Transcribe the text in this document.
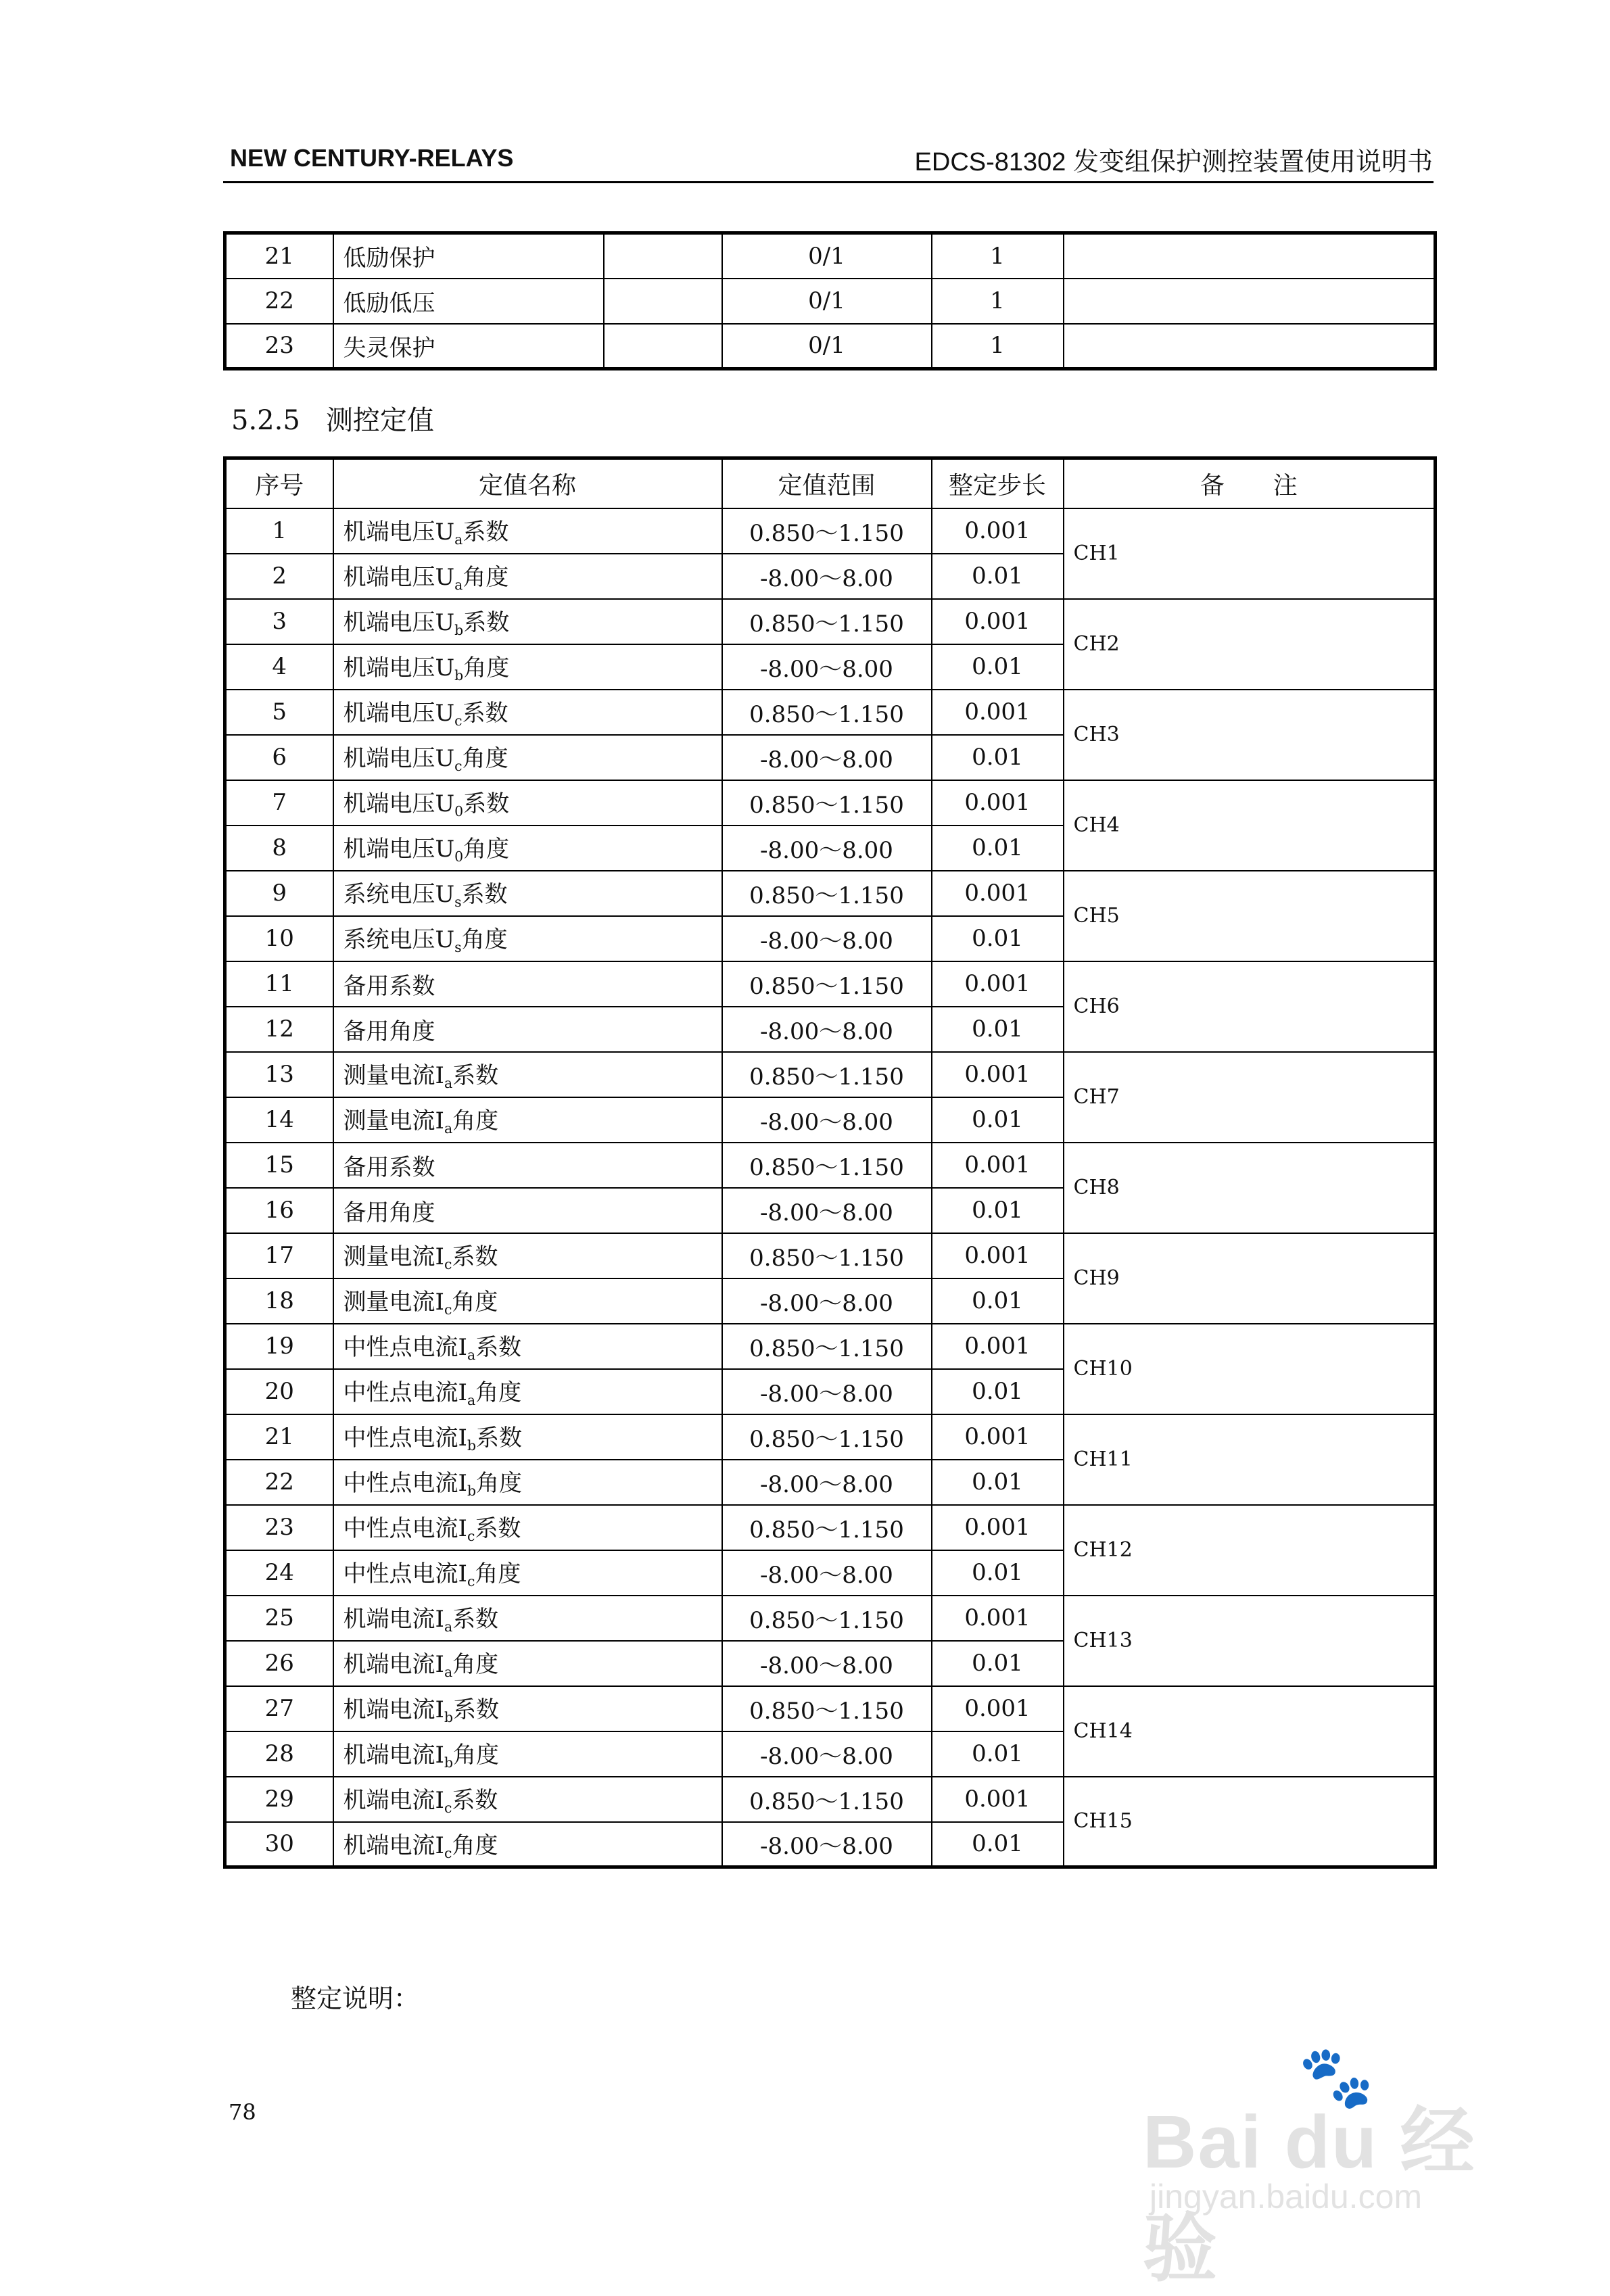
NEW CENTURY-RELAYS	EDCS-81302 发变组保护测控装置使用说明书
21	低励保护		0/1	1	
22	低励低压		0/1	1	
23	失灵保护		0/1	1	
5.2.5 测控定值
序号	定值名称	定值范围	整定步长	备　　注
1	机端电压$U_a$系数	0.850～1.150	0.001	CH1
2	机端电压$U_a$角度	-8.00～8.00	0.01	
3	机端电压$U_b$系数	0.850～1.150	0.001	CH2
4	机端电压$U_b$角度	-8.00～8.00	0.01	
5	机端电压$U_c$系数	0.850～1.150	0.001	CH3
6	机端电压$U_c$角度	-8.00～8.00	0.01	
7	机端电压$U_0$系数	0.850～1.150	0.001	CH4
8	机端电压$U_0$角度	-8.00～8.00	0.01	
9	系统电压$U_s$系数	0.850～1.150	0.001	CH5
10	系统电压$U_s$角度	-8.00～8.00	0.01	
11	备用系数	0.850～1.150	0.001	CH6
12	备用角度	-8.00～8.00	0.01	
13	测量电流$I_a$系数	0.850～1.150	0.001	CH7
14	测量电流$I_a$角度	-8.00～8.00	0.01	
15	备用系数	0.850～1.150	0.001	CH8
16	备用角度	-8.00～8.00	0.01	
17	测量电流$I_c$系数	0.850～1.150	0.001	CH9
18	测量电流$I_c$角度	-8.00～8.00	0.01	
19	中性点电流$I_a$系数	0.850～1.150	0.001	CH10
20	中性点电流$I_a$角度	-8.00～8.00	0.01	
21	中性点电流$I_b$系数	0.850～1.150	0.001	CH11
22	中性点电流$I_b$角度	-8.00～8.00	0.01	
23	中性点电流$I_c$系数	0.850～1.150	0.001	CH12
24	中性点电流$I_c$角度	-8.00～8.00	0.01	
25	机端电流$I_a$系数	0.850～1.150	0.001	CH13
26	机端电流$I_a$角度	-8.00～8.00	0.01	
27	机端电流$I_b$系数	0.850～1.150	0.001	CH14
28	机端电流$I_b$角度	-8.00～8.00	0.01	
29	机端电流$I_c$系数	0.850～1.150	0.001	CH15
30	机端电流$I_c$角度	-8.00～8.00	0.01	
整定说明：
78	🐾
Bai du 经验
jingyan.baidu.com
